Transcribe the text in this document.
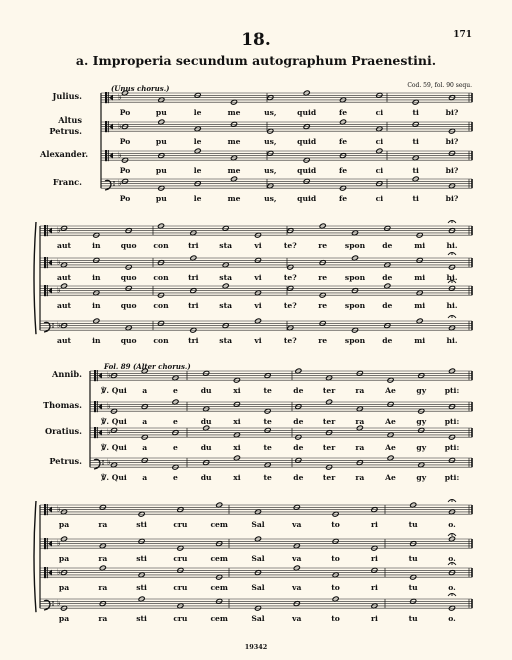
171
18.
a. Improperia secundum autographum Praenestini.
Cod. 59, fol. 90 sequ.
19342
♭
♭
♭
♭
♭
♭
♭
♭
♭
♭
♭
♭
♭
♭
♭
♭
(Unus chorus.)
Julius.
Altus Petrus.
Alexander.
Franc.
Po	pu	le	me	us,	quid	fe	ci	ti	bi?
Po	pu	le	me	us,	quid	fe	ci	ti	bi?
Po	pu	le	me	us,	quid	fe	ci	ti	bi?
Po	pu	le	me	us,	quid	fe	ci	ti	bi?
aut	in	quo con	tri	sta	vi	te?	re spon de	mi	hi.
aut	in	quo con	tri	sta	vi	te?	re spon de	mi	hi.
aut	in	quo con	tri	sta	vi	te?	re spon de	mi	hi.
aut	in	quo con	tri	sta	vi	te?	re spon de	mi	hi.
Fol. 89 (Alter chorus.)
Annib.
Thomas.
Oratius.
Petrus.
℣. Qui a	e	du	xi	te	de	ter	ra	Ae	gy pti:
℣. Qui a	e	du	xi	te	de	ter	ra	Ae	gy pti:
℣. Qui a	e	du	xi	te	de	ter	ra	Ae	gy pti:
℣. Qui a	e	du	xi	te	de	ter	ra	Ae	gy pti:
pa	ra	sti	cru	cem	Sal	va	to	ri	tu	o.
pa	ra	sti	cru	cem	Sal	va	to	ri	tu	o.
pa	ra	sti	cru	cem	Sal	va	to	ri	tu	o.
pa	ra	sti	cru	cem	Sal	va	to	ri	tu	o.
